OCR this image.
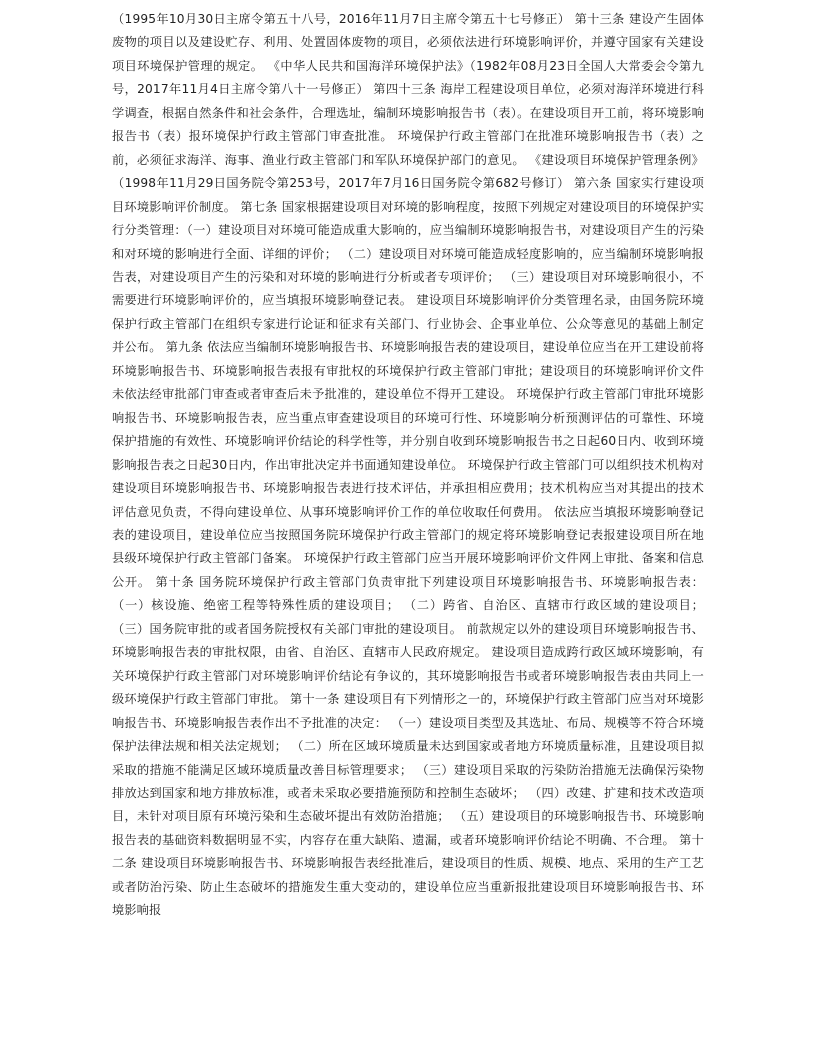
（1995年10月30日主席令第五十八号，2016年11月7日主席令第五十七号修正） 第十三条 建设产生固体废物的项目以及建设贮存、利用、处置固体废物的项目，必须依法进行环境影响评价，并遵守国家有关建设项目环境保护管理的规定。 《中华人民共和国海洋环境保护法》（1982年08月23日全国人大常委会令第九号，2017年11月4日主席令第八十一号修正） 第四十三条 海岸工程建设项目单位，必须对海洋环境进行科学调查，根据自然条件和社会条件，合理选址，编制环境影响报告书（表）。在建设项目开工前，将环境影响报告书（表）报环境保护行政主管部门审查批准。 环境保护行政主管部门在批准环境影响报告书（表）之前，必须征求海洋、海事、渔业行政主管部门和军队环境保护部门的意见。 《建设项目环境保护管理条例》（1998年11月29日国务院令第253号，2017年7月16日国务院令第682号修订） 第六条 国家实行建设项目环境影响评价制度。 第七条 国家根据建设项目对环境的影响程度，按照下列规定对建设项目的环境保护实行分类管理：（一）建设项目对环境可能造成重大影响的，应当编制环境影响报告书，对建设项目产生的污染和对环境的影响进行全面、详细的评价； （二）建设项目对环境可能造成轻度影响的，应当编制环境影响报告表，对建设项目产生的污染和对环境的影响进行分析或者专项评价； （三）建设项目对环境影响很小，不需要进行环境影响评价的，应当填报环境影响登记表。 建设项目环境影响评价分类管理名录，由国务院环境保护行政主管部门在组织专家进行论证和征求有关部门、行业协会、企事业单位、公众等意见的基础上制定并公布。 第九条 依法应当编制环境影响报告书、环境影响报告表的建设项目，建设单位应当在开工建设前将环境影响报告书、环境影响报告表报有审批权的环境保护行政主管部门审批；建设项目的环境影响评价文件未依法经审批部门审查或者审查后未予批准的，建设单位不得开工建设。 环境保护行政主管部门审批环境影响报告书、环境影响报告表，应当重点审查建设项目的环境可行性、环境影响分析预测评估的可靠性、环境保护措施的有效性、环境影响评价结论的科学性等，并分别自收到环境影响报告书之日起60日内、收到环境影响报告表之日起30日内，作出审批决定并书面通知建设单位。 环境保护行政主管部门可以组织技术机构对建设项目环境影响报告书、环境影响报告表进行技术评估，并承担相应费用；技术机构应当对其提出的技术评估意见负责，不得向建设单位、从事环境影响评价工作的单位收取任何费用。 依法应当填报环境影响登记表的建设项目，建设单位应当按照国务院环境保护行政主管部门的规定将环境影响登记表报建设项目所在地县级环境保护行政主管部门备案。 环境保护行政主管部门应当开展环境影响评价文件网上审批、备案和信息公开。 第十条 国务院环境保护行政主管部门负责审批下列建设项目环境影响报告书、环境影响报告表： （一）核设施、绝密工程等特殊性质的建设项目； （二）跨省、自治区、直辖市行政区域的建设项目； （三）国务院审批的或者国务院授权有关部门审批的建设项目。 前款规定以外的建设项目环境影响报告书、环境影响报告表的审批权限，由省、自治区、直辖市人民政府规定。 建设项目造成跨行政区域环境影响，有关环境保护行政主管部门对环境影响评价结论有争议的，其环境影响报告书或者环境影响报告表由共同上一级环境保护行政主管部门审批。 第十一条 建设项目有下列情形之一的，环境保护行政主管部门应当对环境影响报告书、环境影响报告表作出不予批准的决定： （一）建设项目类型及其选址、布局、规模等不符合环境保护法律法规和相关法定规划； （二）所在区域环境质量未达到国家或者地方环境质量标准，且建设项目拟采取的措施不能满足区域环境质量改善目标管理要求； （三）建设项目采取的污染防治措施无法确保污染物排放达到国家和地方排放标准，或者未采取必要措施预防和控制生态破坏； （四）改建、扩建和技术改造项目，未针对项目原有环境污染和生态破坏提出有效防治措施； （五）建设项目的环境影响报告书、环境影响报告表的基础资料数据明显不实，内容存在重大缺陷、遗漏，或者环境影响评价结论不明确、不合理。 第十二条 建设项目环境影响报告书、环境影响报告表经批准后，建设项目的性质、规模、地点、采用的生产工艺或者防治污染、防止生态破坏的措施发生重大变动的，建设单位应当重新报批建设项目环境影响报告书、环境影响报
